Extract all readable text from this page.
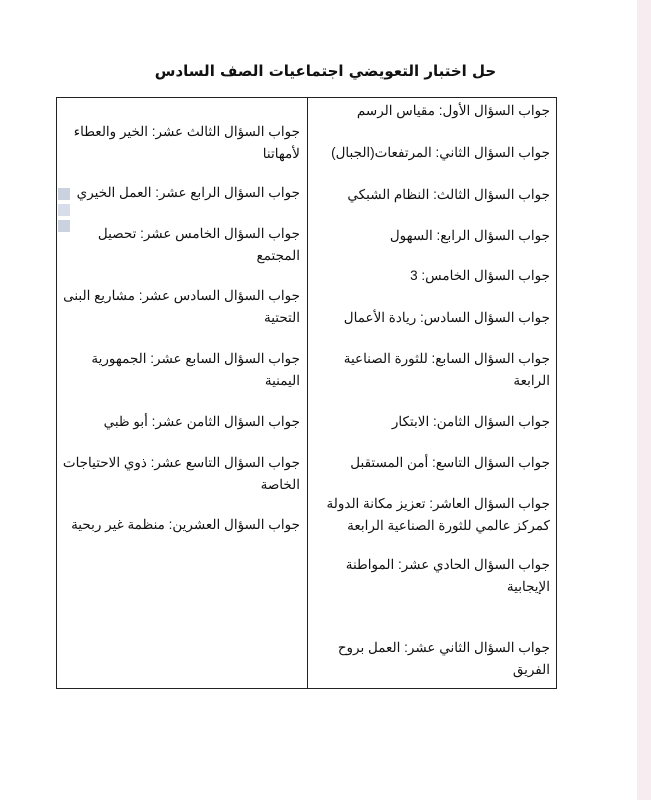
حل اختبار التعويضي اجتماعيات الصف السادس
جواب السؤال الأول: مقياس الرسم
جواب السؤال الثاني: المرتفعات(الجبال)
جواب السؤال الثالث: النظام الشبكي
جواب السؤال الرابع: السهول
جواب السؤال الخامس: 3
جواب السؤال السادس: ريادة الأعمال
جواب السؤال السابع: للثورة الصناعية الرابعة
جواب السؤال الثامن: الابتكار
جواب السؤال التاسع: أمن المستقبل
جواب السؤال العاشر: تعزيز مكانة الدولة كمركز عالمي للثورة الصناعية الرابعة
جواب السؤال الحادي عشر: المواطنة الإيجابية
جواب السؤال الثاني عشر: العمل بروح الفريق
جواب السؤال الثالث عشر: الخير والعطاء لأمهاتنا
جواب السؤال الرابع عشر: العمل الخيري
جواب السؤال الخامس عشر: تحصيل المجتمع
جواب السؤال السادس عشر: مشاريع البنى التحتية
جواب السؤال السابع عشر: الجمهورية اليمنية
جواب السؤال الثامن عشر: أبو ظبي
جواب السؤال التاسع عشر: ذوي الاحتياجات الخاصة
جواب السؤال العشرين: منظمة غير ربحية
